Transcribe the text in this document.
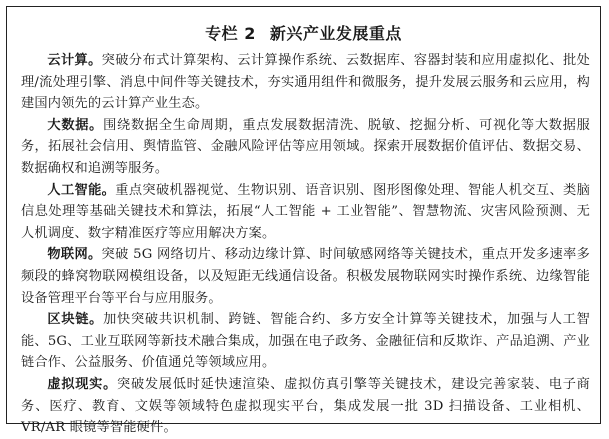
专栏 2 新兴产业发展重点

云计算。突破分布式计算架构、云计算操作系统、云数据库、容器封装和应用虚拟化、批处理/流处理引擎、消息中间件等关键技术，夯实通用组件和微服务，提升发展云服务和云应用，构建国内领先的云计算产业生态。

大数据。围绕数据全生命周期，重点发展数据清洗、脱敏、挖掘分析、可视化等大数据服务，拓展社会信用、舆情监管、金融风险评估等应用领域。探索开展数据价值评估、数据交易、数据确权和追溯等服务。

人工智能。重点突破机器视觉、生物识别、语音识别、图形图像处理、智能人机交互、类脑信息处理等基础关键技术和算法，拓展“人工智能 + 工业智能”、智慧物流、灾害风险预测、无人机调度、数字精准医疗等应用解决方案。

物联网。突破 5G 网络切片、移动边缘计算、时间敏感网络等关键技术，重点开发多速率多频段的蜂窝物联网模组设备，以及短距无线通信设备。积极发展物联网实时操作系统、边缘智能设备管理平台等平台与应用服务。

区块链。加快突破共识机制、跨链、智能合约、多方安全计算等关键技术，加强与人工智能、5G、工业互联网等新技术融合集成，加强在电子政务、金融征信和反欺诈、产品追溯、产业链合作、公益服务、价值通兑等领域应用。

虚拟现实。突破发展低时延快速渲染、虚拟仿真引擎等关键技术，建设完善家装、电子商务、医疗、教育、文娱等领域特色虚拟现实平台，集成发展一批 3D 扫描设备、工业相机、VR/AR 眼镜等智能硬件。
